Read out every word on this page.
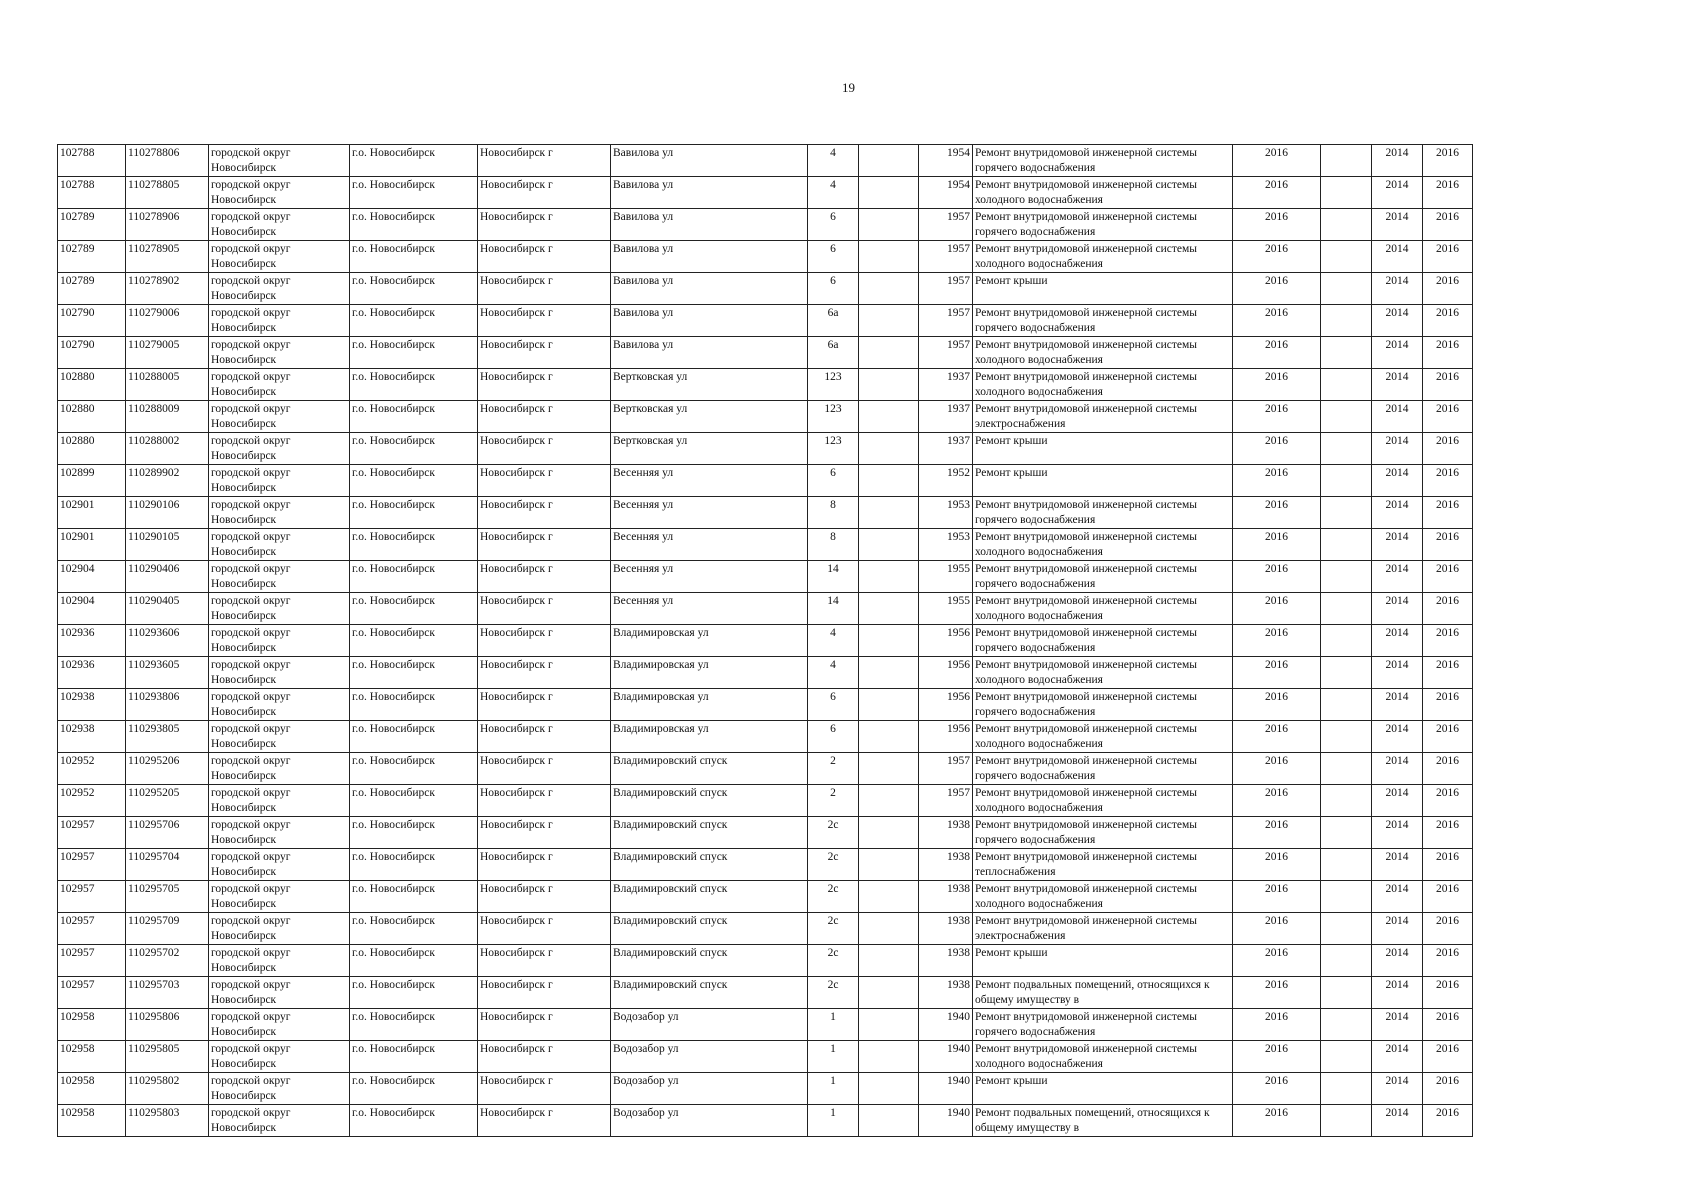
19
102788	110278806	городской округ Новосибирск	г.о. Новосибирск	Новосибирск г	Вавилова ул	4		1954	Ремонт внутридомовой инженерной системы горячего водоснабжения	2016		2014	2016

102788	110278805	городской округ Новосибирск	г.о. Новосибирск	Новосибирск г	Вавилова ул	4		1954	Ремонт внутридомовой инженерной системы холодного водоснабжения	2016		2014	2016

102789	110278906	городской округ Новосибирск	г.о. Новосибирск	Новосибирск г	Вавилова ул	6		1957	Ремонт внутридомовой инженерной системы горячего водоснабжения	2016		2014	2016

102789	110278905	городской округ Новосибирск	г.о. Новосибирск	Новосибирск г	Вавилова ул	6		1957	Ремонт внутридомовой инженерной системы холодного водоснабжения	2016		2014	2016

102789	110278902	городской округ Новосибирск	г.о. Новосибирск	Новосибирск г	Вавилова ул	6		1957	Ремонт крыши	2016		2014	2016

102790	110279006	городской округ Новосибирск	г.о. Новосибирск	Новосибирск г	Вавилова ул	6а		1957	Ремонт внутридомовой инженерной системы горячего водоснабжения	2016		2014	2016

102790	110279005	городской округ Новосибирск	г.о. Новосибирск	Новосибирск г	Вавилова ул	6а		1957	Ремонт внутридомовой инженерной системы холодного водоснабжения	2016		2014	2016

102880	110288005	городской округ Новосибирск	г.о. Новосибирск	Новосибирск г	Вертковская ул	123		1937	Ремонт внутридомовой инженерной системы холодного водоснабжения	2016		2014	2016

102880	110288009	городской округ Новосибирск	г.о. Новосибирск	Новосибирск г	Вертковская ул	123		1937	Ремонт внутридомовой инженерной системы электроснабжения	2016		2014	2016

102880	110288002	городской округ Новосибирск	г.о. Новосибирск	Новосибирск г	Вертковская ул	123		1937	Ремонт крыши	2016		2014	2016

102899	110289902	городской округ Новосибирск	г.о. Новосибирск	Новосибирск г	Весенняя ул	6		1952	Ремонт крыши	2016		2014	2016

102901	110290106	городской округ Новосибирск	г.о. Новосибирск	Новосибирск г	Весенняя ул	8		1953	Ремонт внутридомовой инженерной системы горячего водоснабжения	2016		2014	2016

102901	110290105	городской округ Новосибирск	г.о. Новосибирск	Новосибирск г	Весенняя ул	8		1953	Ремонт внутридомовой инженерной системы холодного водоснабжения	2016		2014	2016

102904	110290406	городской округ Новосибирск	г.о. Новосибирск	Новосибирск г	Весенняя ул	14		1955	Ремонт внутридомовой инженерной системы горячего водоснабжения	2016		2014	2016

102904	110290405	городской округ Новосибирск	г.о. Новосибирск	Новосибирск г	Весенняя ул	14		1955	Ремонт внутридомовой инженерной системы холодного водоснабжения	2016		2014	2016

102936	110293606	городской округ Новосибирск	г.о. Новосибирск	Новосибирск г	Владимировская ул	4		1956	Ремонт внутридомовой инженерной системы горячего водоснабжения	2016		2014	2016

102936	110293605	городской округ Новосибирск	г.о. Новосибирск	Новосибирск г	Владимировская ул	4		1956	Ремонт внутридомовой инженерной системы холодного водоснабжения	2016		2014	2016

102938	110293806	городской округ Новосибирск	г.о. Новосибирск	Новосибирск г	Владимировская ул	6		1956	Ремонт внутридомовой инженерной системы горячего водоснабжения	2016		2014	2016

102938	110293805	городской округ Новосибирск	г.о. Новосибирск	Новосибирск г	Владимировская ул	6		1956	Ремонт внутридомовой инженерной системы холодного водоснабжения	2016		2014	2016

102952	110295206	городской округ Новосибирск	г.о. Новосибирск	Новосибирск г	Владимировский спуск	2		1957	Ремонт внутридомовой инженерной системы горячего водоснабжения	2016		2014	2016

102952	110295205	городской округ Новосибирск	г.о. Новосибирск	Новосибирск г	Владимировский спуск	2		1957	Ремонт внутридомовой инженерной системы холодного водоснабжения	2016		2014	2016

102957	110295706	городской округ Новосибирск	г.о. Новосибирск	Новосибирск г	Владимировский спуск	2с		1938	Ремонт внутридомовой инженерной системы горячего водоснабжения	2016		2014	2016

102957	110295704	городской округ Новосибирск	г.о. Новосибирск	Новосибирск г	Владимировский спуск	2с		1938	Ремонт внутридомовой инженерной системы теплоснабжения	2016		2014	2016

102957	110295705	городской округ Новосибирск	г.о. Новосибирск	Новосибирск г	Владимировский спуск	2с		1938	Ремонт внутридомовой инженерной системы холодного водоснабжения	2016		2014	2016

102957	110295709	городской округ Новосибирск	г.о. Новосибирск	Новосибирск г	Владимировский спуск	2с		1938	Ремонт внутридомовой инженерной системы электроснабжения	2016		2014	2016

102957	110295702	городской округ Новосибирск	г.о. Новосибирск	Новосибирск г	Владимировский спуск	2с		1938	Ремонт крыши	2016		2014	2016

102957	110295703	городской округ Новосибирск	г.о. Новосибирск	Новосибирск г	Владимировский спуск	2с		1938	Ремонт подвальных помещений, относящихся к общему имуществу в	2016		2014	2016

102958	110295806	городской округ Новосибирск	г.о. Новосибирск	Новосибирск г	Водозабор ул	1		1940	Ремонт внутридомовой инженерной системы горячего водоснабжения	2016		2014	2016

102958	110295805	городской округ Новосибирск	г.о. Новосибирск	Новосибирск г	Водозабор ул	1		1940	Ремонт внутридомовой инженерной системы холодного водоснабжения	2016		2014	2016

102958	110295802	городской округ Новосибирск	г.о. Новосибирск	Новосибирск г	Водозабор ул	1		1940	Ремонт крыши	2016		2014	2016

102958	110295803	городской округ Новосибирск	г.о. Новосибирск	Новосибирск г	Водозабор ул	1		1940	Ремонт подвальных помещений, относящихся к общему имуществу в	2016		2014	2016
